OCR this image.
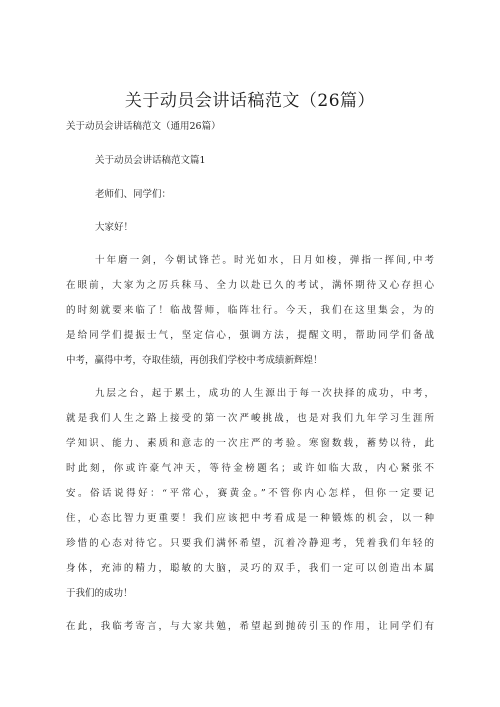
关于动员会讲话稿范文（26篇）
关于动员会讲话稿范文（通用26篇）
关于动员会讲话稿范文篇1
老师们、同学们：
大家好！
十年磨一剑，今朝试锋芒。时光如水，日月如梭，弹指一挥间,中考
在眼前，大家为之厉兵秣马、全力以赴已久的考试，满怀期待又心存担心
的时刻就要来临了！临战誓师，临阵壮行。今天，我们在这里集会，为的
是给同学们提振士气，坚定信心，强调方法，提醒文明，帮助同学们备战
中考，赢得中考，夺取佳绩，再创我们学校中考成绩新辉煌！
九层之台，起于累土，成功的人生源出于每一次抉择的成功，中考，
就是我们人生之路上接受的第一次严峻挑战，也是对我们九年学习生涯所
学知识、能力、素质和意志的一次庄严的考验。寒窗数载，蓄势以待，此
时此刻，你或许豪气冲天，等待金榜题名；或许如临大敌，内心紧张不
安。俗话说得好：“平常心，赛黄金。”不管你内心怎样，但你一定要记
住，心态比智力更重要！我们应该把中考看成是一种锻炼的机会，以一种
珍惜的心态对待它。只要我们满怀希望，沉着冷静迎考，凭着我们年轻的
身体，充沛的精力，聪敏的大脑，灵巧的双手，我们一定可以创造出本属
于我们的成功！
在此，我临考寄言，与大家共勉，希望起到抛砖引玉的作用，让同学们有
